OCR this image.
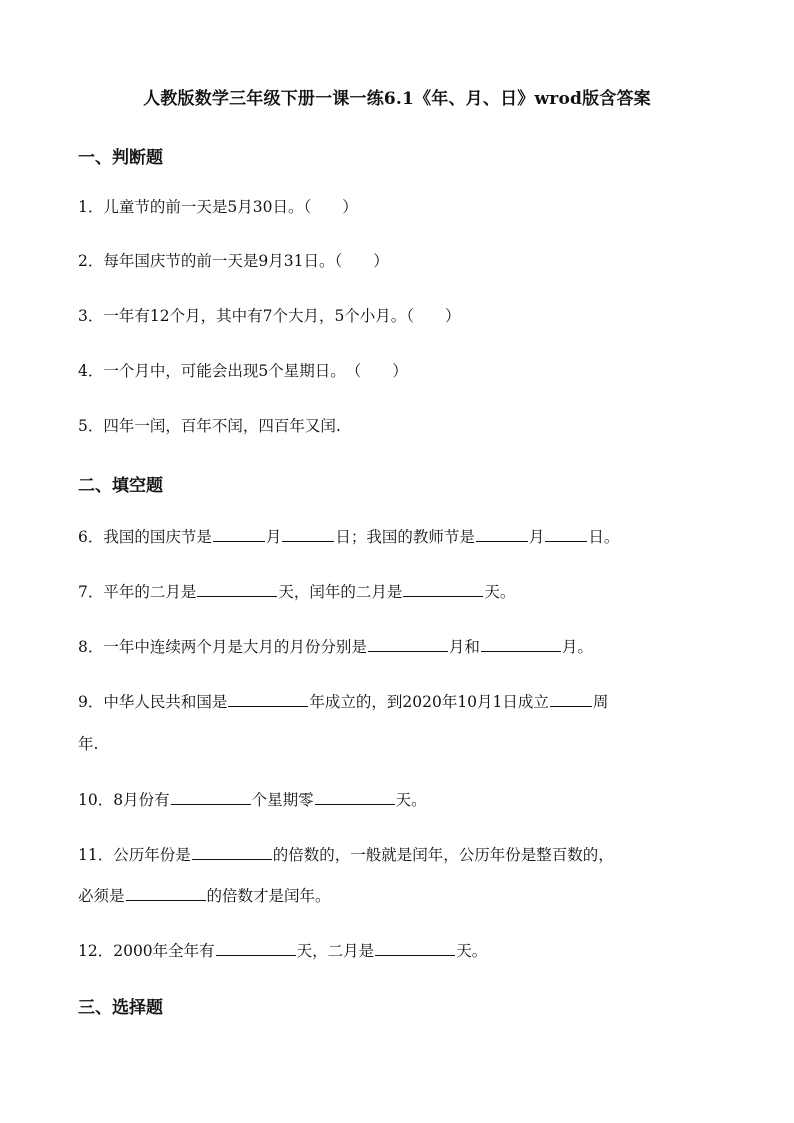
人教版数学三年级下册一课一练6.1《年、月、日》wrod版含答案
一、判断题
1．儿童节的前一天是5月30日。（　　）
2．每年国庆节的前一天是9月31日。（　　）
3．一年有12个月，其中有7个大月，5个小月。（　　）
4．一个月中，可能会出现5个星期日。　（　　）
5．四年一闰，百年不闰，四百年又闰.
二、填空题
6．我国的国庆节是	月	日；我国的教师节是	月	日。
7．平年的二月是	天，闰年的二月是	天。
8．一年中连续两个月是大月的月份分别是	月和	月。
9．中华人民共和国是	年成立的，到2020年10月1日成立	周
年.
10．8月份有	个星期零	天。
11．公历年份是	的倍数的，一般就是闰年，公历年份是整百数的，
必须是	的倍数才是闰年。
12．2000年全年有	天，二月是	天。
三、选择题
